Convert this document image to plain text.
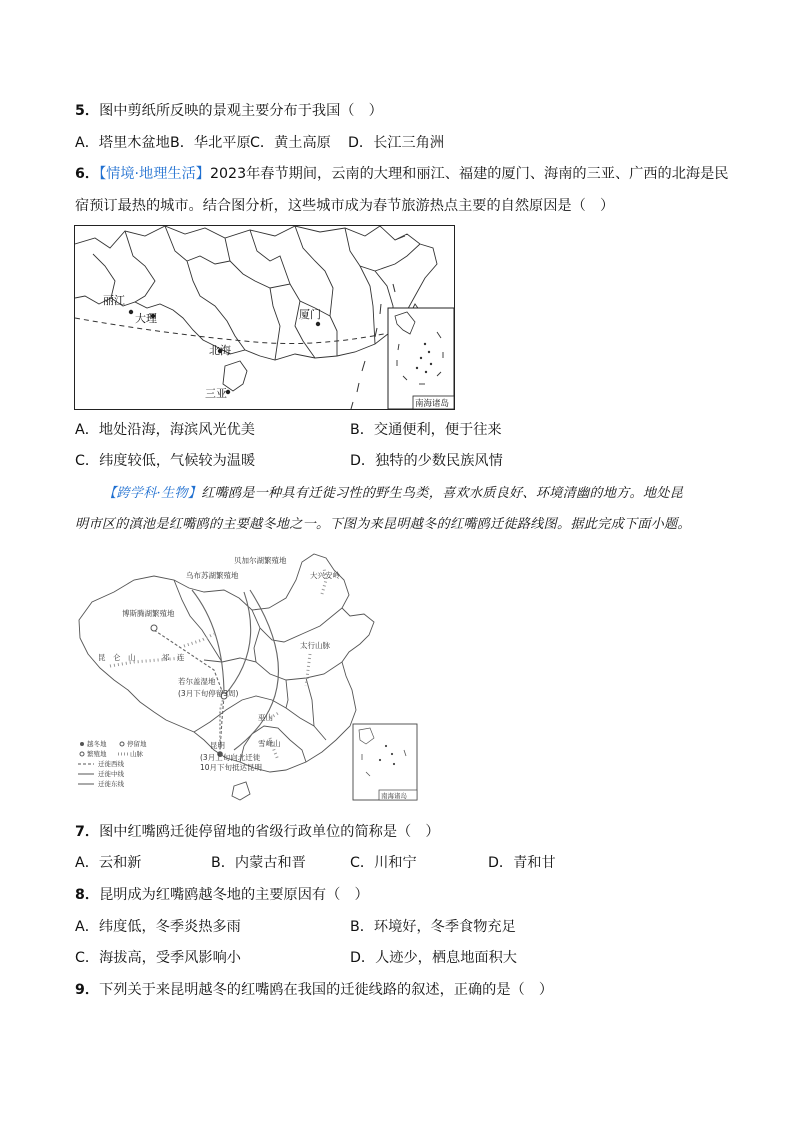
5．图中剪纸所反映的景观主要分布于我国（　）
A．塔里木盆地 B．华北平原 C．黄土高原 D．长江三角洲
6．【情境·地理生活】2023年春节期间，云南的大理和丽江、福建的厦门、海南的三亚、广西的北海是民
宿预订最热的城市。结合图分析，这些城市成为春节旅游热点主要的自然原因是（　）
丽江
大理	厦门
北海
三亚
南海诸岛
A．地处沿海，海滨风光优美	B．交通便利，便于往来
C．纬度较低，气候较为温暖	D．独特的少数民族风情
【跨学科·生物】红嘴鸥是一种具有迁徙习性的野生鸟类，喜欢水质良好、环境清幽的地方。地处昆
明市区的滇池是红嘴鸥的主要越冬地之一。下图为来昆明越冬的红嘴鸥迁徙路线图。据此完成下面小题。
贝加尔湖繁殖地
乌布苏湖繁殖地
博斯腾湖繁殖地
若尔盖湿地
(3月下旬停留3周)
昆明
(3月上旬向北迁徙
10月下旬抵达昆明
昆　仑　山	祁　连
太行山脉
大兴安岭
巫山
雪峰山
越冬地	停留地
繁殖地	山脉
迁徙西线
迁徙中线
迁徙东线
南海诸岛
7．图中红嘴鸥迁徙停留地的省级行政单位的简称是（　）
A．云和新	B．内蒙古和晋	C．川和宁	D．青和甘
8．昆明成为红嘴鸥越冬地的主要原因有（　）
A．纬度低，冬季炎热多雨	B．环境好，冬季食物充足
C．海拔高，受季风影响小	D．人迹少，栖息地面积大
9．下列关于来昆明越冬的红嘴鸥在我国的迁徙线路的叙述，正确的是（　）
